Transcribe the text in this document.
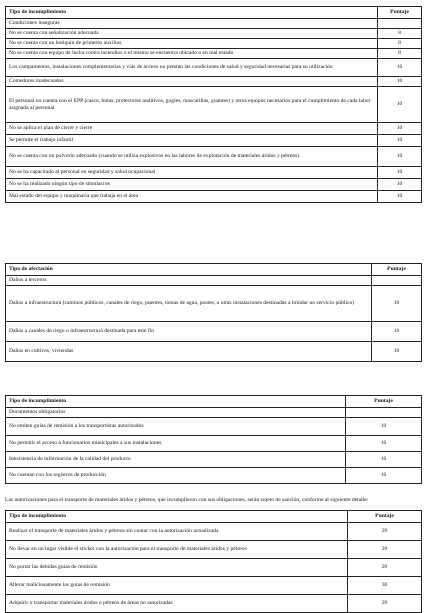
Tipo de incumplimiento	Puntaje
Condiciones inseguras	
No se cuenta con señalización adecuada	8
No se cuenta con un botiquín de primeros auxilios	8
No se cuenta con equipo de lucha contra incendios o el mismo se encuentra ubicado o en mal estado	8
Los campamentos, instalaciones complementarias y vías de acceso no prestan las condiciones de salud y seguridad necesarias para su utilización	10
Comedores inadecuados	10
El personal no cuenta con el EPP (casco, botas, protectores auditivos, gogles, mascarillas, guantes) y otros equipos necesarios para el cumplimiento de cada labor asignada al personal	10
No se aplica el plan de cierre y cierre	10
Se permite el trabajo infantil	10
No se cuenta con un polvorín adecuado (cuando se utiliza explosivos en las labores de explotación de materiales áridos y pétreos).	10
No se ha capacitado al personal en seguridad y salud ocupacional	10
No se ha realizado ningún tipo de simulacros	10
Mal estado del equipo y maquinaria que trabaja en el área	10
Tipo de afectación	Puntaje
Daños a terceros	
Daños a infraestructura (caminos públicos, canales de riego, puentes, tomas de agua, postes, u otras instalaciones destinadas a brindar un servicio público)	10
Daños a canales de riego o infraestructura destinada para este fin	10
Daños en cultivos, viviendas	10
Tipo de incumplimiento	Puntaje
Documentos obligatorios	
No emiten guías de remisión a los transportistas autorizados	10
No permitir el acceso a funcionarios municipales a sus instalaciones	10
Inexistencia de información de la calidad del producto	10
No cuentan con los registros de producción	10

Las autorizaciones para el transporte de materiales áridos y pétreos, que incumplieron con sus obligaciones, serán sujeto de sanción, conforme al siguiente detalle:

Tipo de incumplimiento	Puntaje
Realizar el transporte de materiales áridos y pétreos sin contar con la autorización actualizada	20
No llevar en un lugar visible el sticker con la autorización para el transporte de materiales áridos y pétreos	20
No portar las debidas guías de remisión	20
Alterar maliciosamente las guías de remisión	30
Adquirir o transportar materiales áridos o pétreos de áreas no autorizadas	20
